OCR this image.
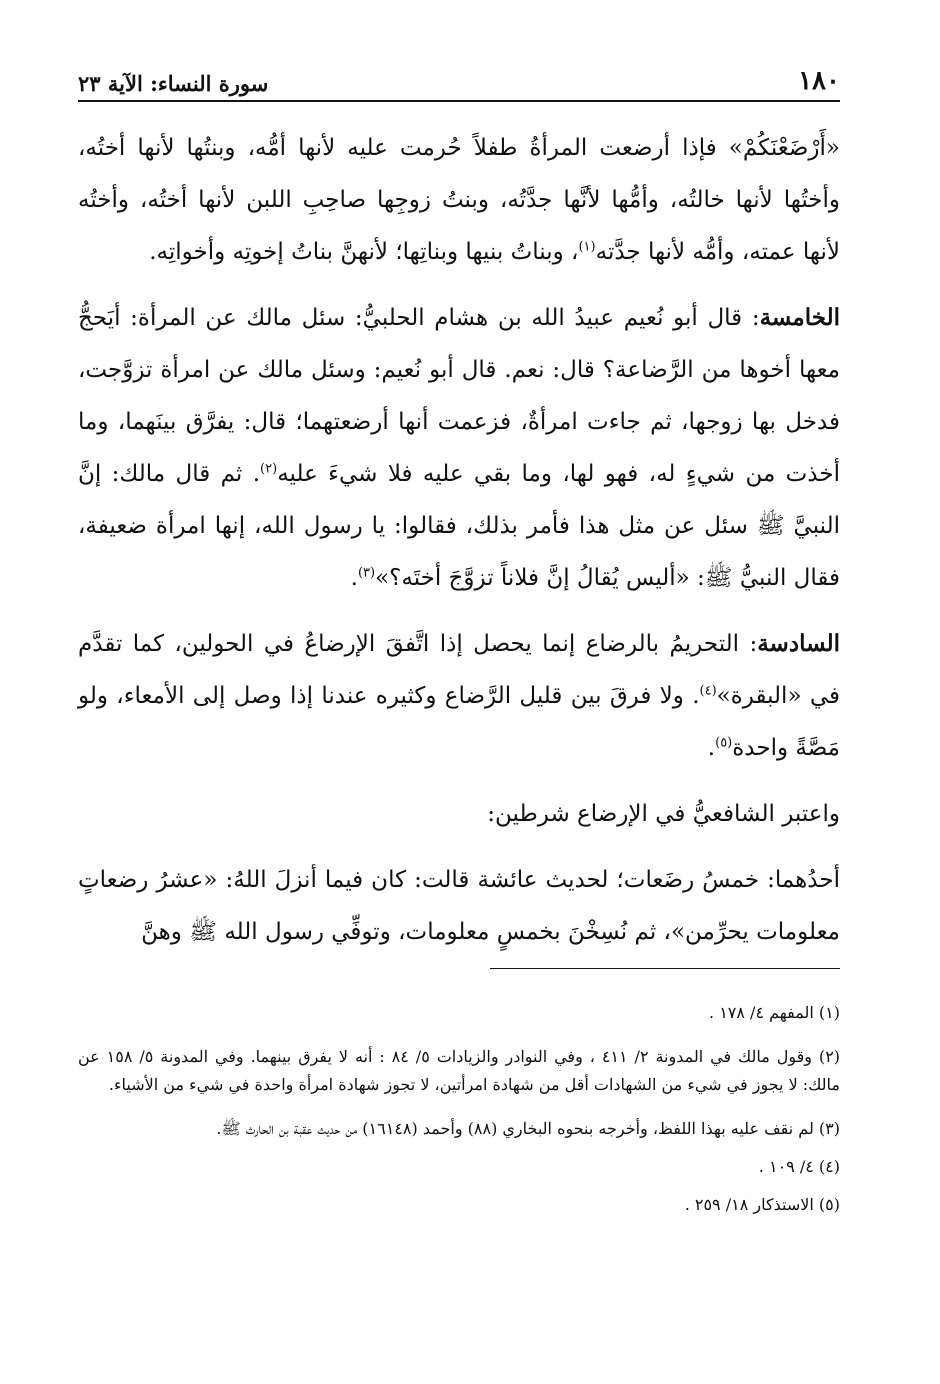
١٨٠
سورة النساء: الآية ٢٣

«أَرْضَعْنَكُمْ» فإذا أرضعت المرأةُ طفلاً حُرمت عليه لأنها أمُّه، وبنتُها لأنها أختُه، وأختُها لأنها خالتُه، وأمُّها لأنَّها جدَّتُه، وبنتُ زوجِها صاحِبِ اللبن لأنها أختُه، وأختُه لأنها عمته، وأمُّه لأنها جدَّته$^{(١)}$، وبناتُ بنيها وبناتِها؛ لأنهنَّ بناتُ إخوتِه وأخواتِه.

الخامسة: قال أبو نُعيم عبيدُ الله بن هشام الحلبيُّ: سئل مالك عن المرأة: أيَحجُّ معها أخوها من الرَّضاعة؟ قال: نعم. قال أبو نُعيم: وسئل مالك عن امرأة تزوَّجت، فدخل بها زوجها، ثم جاءت امرأةٌ، فزعمت أنها أرضعتهما؛ قال: يفرَّق بينَهما، وما أخذت من شيءٍ له، فهو لها، وما بقي عليه فلا شيءَ عليه$^{(٢)}$. ثم قال مالك: إنَّ النبيَّ ﷺ سئل عن مثل هذا فأمر بذلك، فقالوا: يا رسول الله، إنها امرأة ضعيفة، فقال النبيُّ ﷺ: «أليس يُقالُ إنَّ فلاناً تزوَّجَ أختَه؟»$^{(٣)}$.

السادسة: التحريمُ بالرضاع إنما يحصل إذا اتَّفقَ الإرضاعُ في الحولين، كما تقدَّم في «البقرة»$^{(٤)}$. ولا فرقَ بين قليل الرَّضاع وكثيره عندنا إذا وصل إلى الأمعاء، ولو مَصَّةً واحدة$^{(٥)}$.

واعتبر الشافعيُّ في الإرضاع شرطين:

أحدُهما: خمسُ رضَعات؛ لحديث عائشة قالت: كان فيما أنزلَ اللهُ: «عشرُ رضعاتٍ معلومات يحرِّمن»، ثم نُسِخْنَ بخمسٍ معلومات، وتوفِّي رسول الله ﷺ وهنَّ

(١) المفهم ٤/ ١٧٨ .

(٢) وقول مالك في المدونة ٢/ ٤١١ ، وفي النوادر والزيادات ٥/ ٨٤ : أنه لا يفرق بينهما. وفي المدونة ٥/ ١٥٨ عن مالك: لا يجوز في شيء من الشهادات أقل من شهادة امرأتين، لا تجوز شهادة امرأة واحدة في شيء من الأشياء.

(٣) لم نقف عليه بهذا اللفظ، وأخرجه بنحوه البخاري (٨٨) وأحمد (١٦١٤٨) من حديث عقبة بن الحارث ﷺ.

(٤) ٤/ ١٠٩ .

(٥) الاستذكار ١٨/ ٢٥٩ .
